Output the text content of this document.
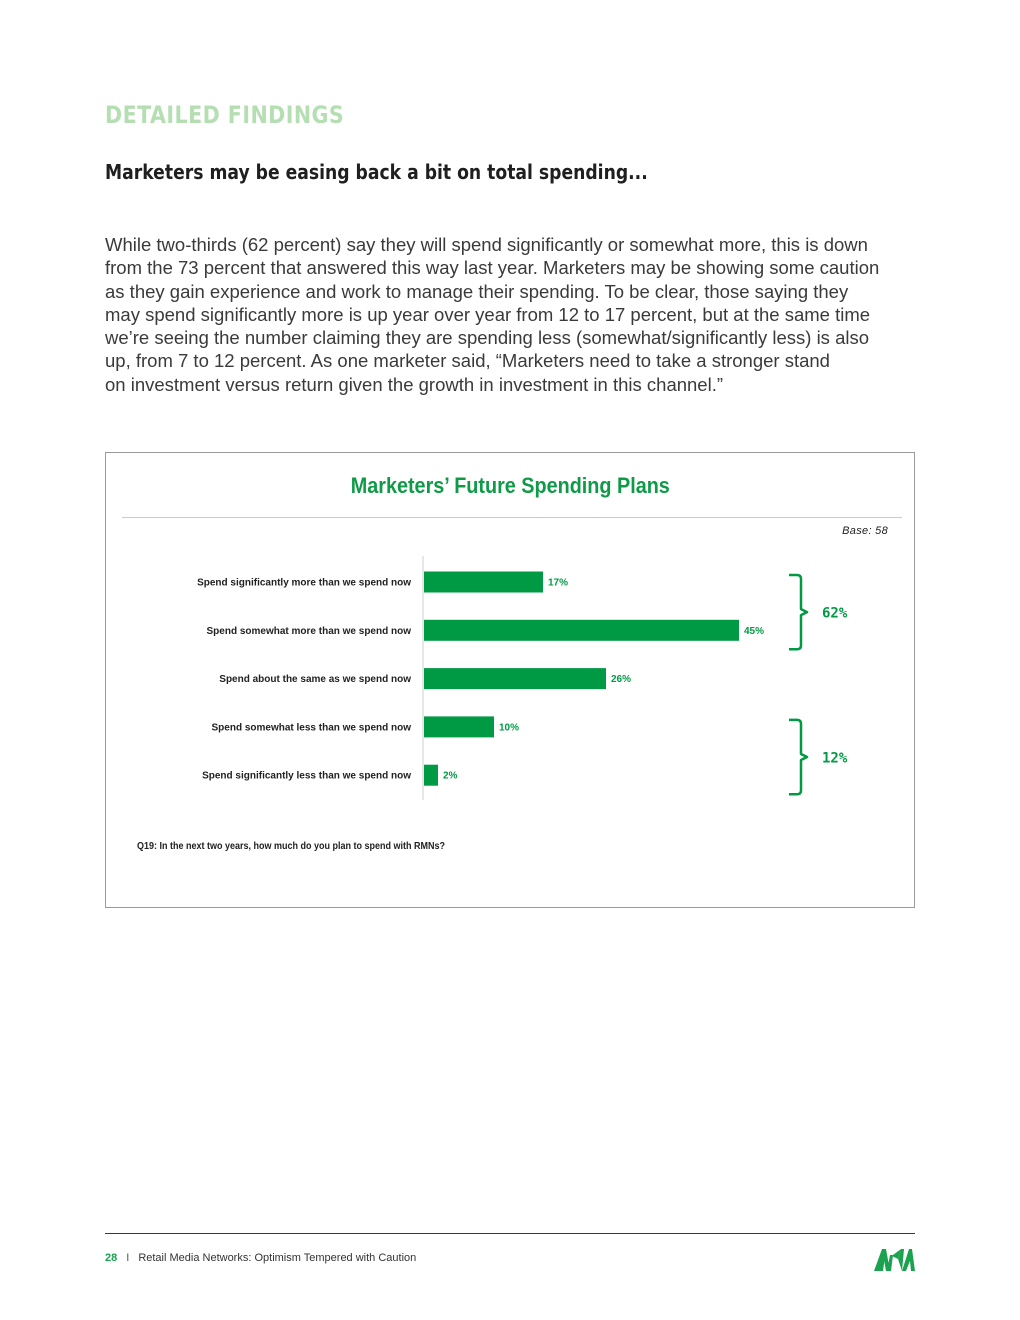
DETAILED FINDINGS
Marketers may be easing back a bit on total spending...
While two-thirds (62 percent) say they will spend significantly or somewhat more, this is down
from the 73 percent that answered this way last year. Marketers may be showing some caution
as they gain experience and work to manage their spending. To be clear, those saying they
may spend significantly more is up year over year from 12 to 17 percent, but at the same time
we’re seeing the number claiming they are spending less (somewhat/significantly less) is also
up, from 7 to 12 percent. As one marketer said, “Marketers need to take a stronger stand
on investment versus return given the growth in investment in this channel.”
Marketers’ Future Spending Plans
Base: 58
Spend significantly more than we spend now	17%
Spend somewhat more than we spend now	45%
Spend about the same as we spend now	26%
Spend somewhat less than we spend now	10%
Spend significantly less than we spend now	2%
62%
12%
Q19: In the next two years, how much do you plan to spend with RMNs?
28 I Retail Media Networks: Optimism Tempered with Caution
